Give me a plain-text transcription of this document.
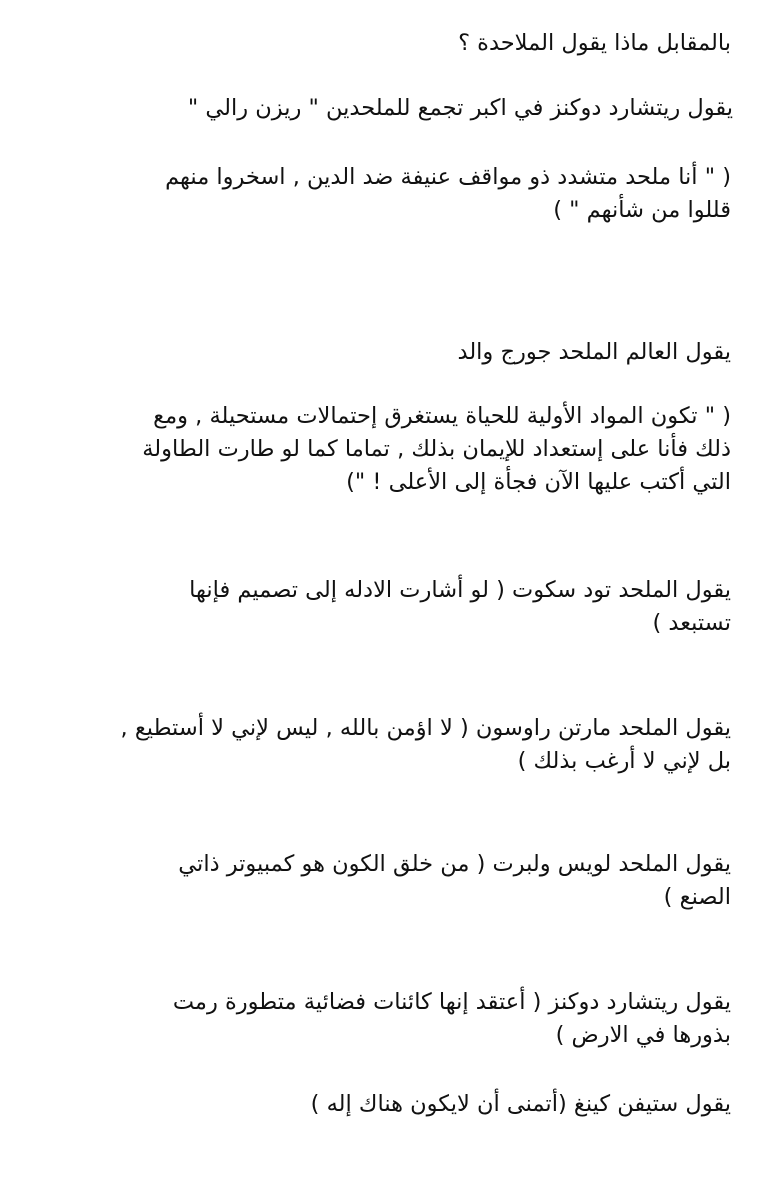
بالمقابل ماذا يقول الملاحدة ؟

يقول ريتشارد دوكنز في اكبر تجمع للملحدين " ريزن رالي "

( " أنا ملحد متشدد ذو مواقف عنيفة ضد الدين , اسخروا منهم
قللوا من شأنهم " )

يقول العالم الملحد جورج والد

( " تكون المواد الأولية للحياة يستغرق إحتمالات مستحيلة , ومع
ذلك فأنا على إستعداد للإيمان بذلك , تماما كما لو طارت الطاولة
التي أكتب عليها الآن فجأة إلى الأعلى ! ")

يقول الملحد تود سكوت ( لو أشارت الادله إلى تصميم فإنها
تستبعد )

يقول الملحد مارتن راوسون ( لا اؤمن بالله , ليس لإني لا أستطيع ,
بل لإني لا أرغب بذلك )

يقول الملحد لويس ولبرت ( من خلق الكون هو كمبيوتر ذاتي
الصنع )

يقول ريتشارد دوكنز ( أعتقد إنها كائنات فضائية متطورة رمت
بذورها في الارض )

يقول ستيفن كينغ (أتمنى أن لايكون هناك إله )
